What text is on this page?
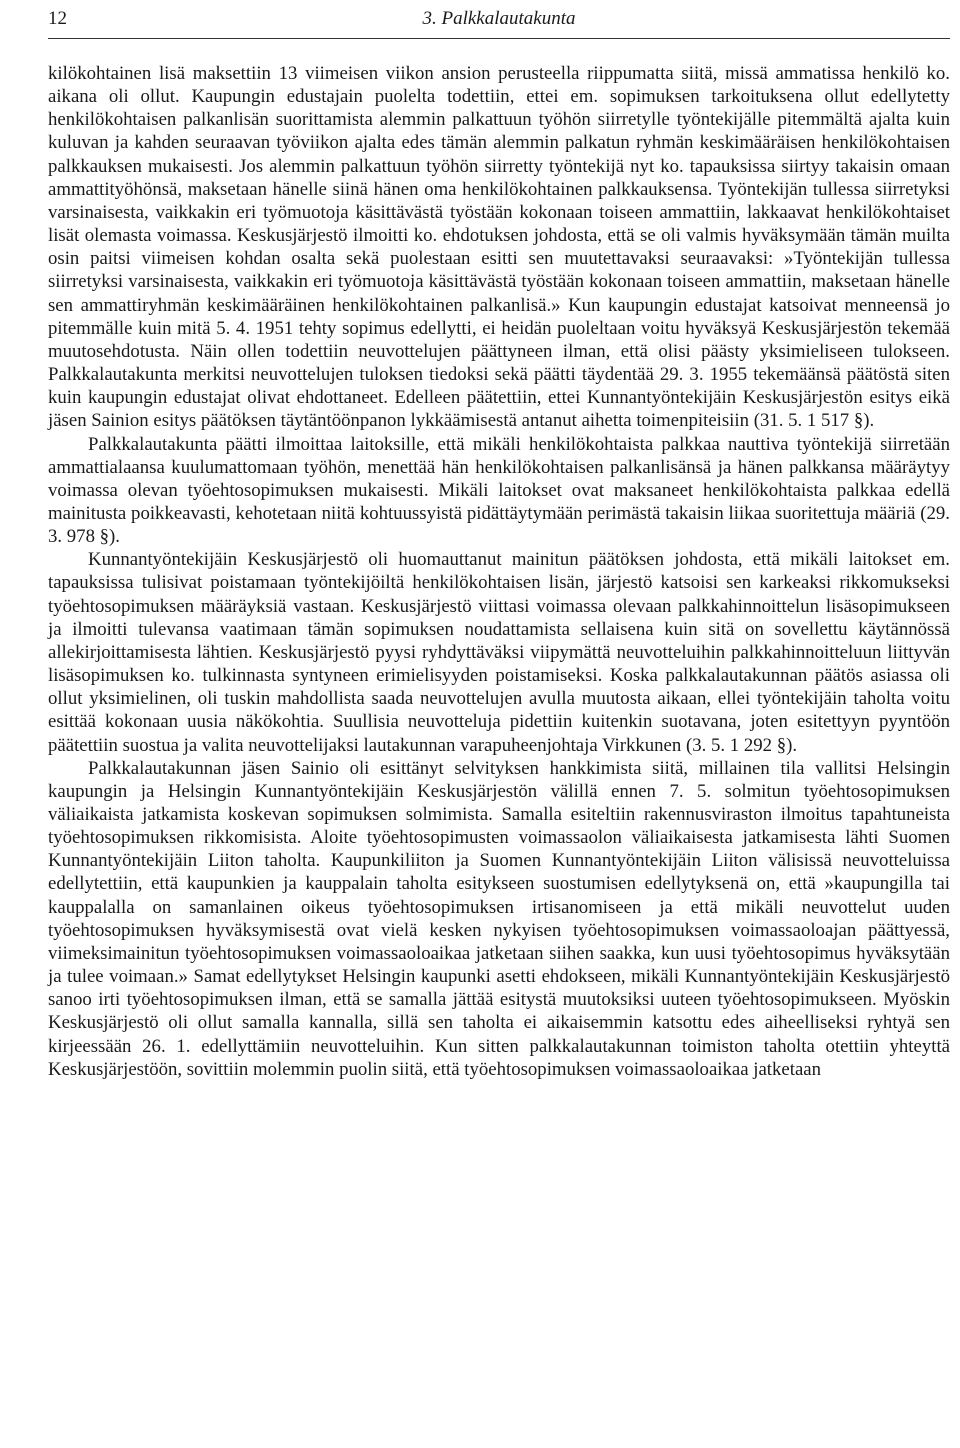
12	3. Palkkalautakunta

kilökohtainen lisä maksettiin 13 viimeisen viikon ansion perusteella riippumatta siitä, missä ammatissa henkilö ko. aikana oli ollut. Kaupungin edustajain puolelta todettiin, ettei em. sopimuksen tarkoituksena ollut edellytetty henkilökohtaisen palkanlisän suorittamista alemmin palkattuun työhön siirretylle työntekijälle pitemmältä ajalta kuin kuluvan ja kahden seuraavan työviikon ajalta edes tämän alemmin palkatun ryhmän keskimääräisen henkilökohtaisen palkkauksen mukaisesti. Jos alemmin palkattuun työhön siirretty työntekijä nyt ko. tapauksissa siirtyy takaisin omaan ammattityöhönsä, maksetaan hänelle siinä hänen oma henkilökohtainen palkkauksensa. Työntekijän tullessa siirretyksi varsinaisesta, vaikkakin eri työmuotoja käsittävästä työstään kokonaan toiseen ammattiin, lakkaavat henkilökohtaiset lisät olemasta voimassa. Keskusjärjestö ilmoitti ko. ehdotuksen johdosta, että se oli valmis hyväksymään tämän muilta osin paitsi viimeisen kohdan osalta sekä puolestaan esitti sen muutettavaksi seuraavaksi: »Työntekijän tullessa siirretyksi varsinaisesta, vaikkakin eri työmuotoja käsittävästä työstään kokonaan toiseen ammattiin, maksetaan hänelle sen ammattiryhmän keskimääräinen henkilökohtainen palkanlisä.» Kun kaupungin edustajat katsoivat menneensä jo pitemmälle kuin mitä 5. 4. 1951 tehty sopimus edellytti, ei heidän puoleltaan voitu hyväksyä Keskusjärjestön tekemää muutosehdotusta. Näin ollen todettiin neuvottelujen päättyneen ilman, että olisi päästy yksimieliseen tulokseen. Palkkalautakunta merkitsi neuvottelujen tuloksen tiedoksi sekä päätti täydentää 29. 3. 1955 tekemäänsä päätöstä siten kuin kaupungin edustajat olivat ehdottaneet. Edelleen päätettiin, ettei Kunnantyöntekijäin Keskusjärjestön esitys eikä jäsen Sainion esitys päätöksen täytäntöönpanon lykkäämisestä antanut aihetta toimenpiteisiin (31. 5. 1 517 §).

Palkkalautakunta päätti ilmoittaa laitoksille, että mikäli henkilökohtaista palkkaa nauttiva työntekijä siirretään ammattialaansa kuulumattomaan työhön, menettää hän henkilökohtaisen palkanlisänsä ja hänen palkkansa määräytyy voimassa olevan työehtosopimuksen mukaisesti. Mikäli laitokset ovat maksaneet henkilökohtaista palkkaa edellä mainitusta poikkeavasti, kehotetaan niitä kohtuussyistä pidättäytymään perimästä takaisin liikaa suoritettuja määriä (29. 3. 978 §).

Kunnantyöntekijäin Keskusjärjestö oli huomauttanut mainitun päätöksen johdosta, että mikäli laitokset em. tapauksissa tulisivat poistamaan työntekijöiltä henkilökohtaisen lisän, järjestö katsoisi sen karkeaksi rikkomukseksi työehtosopimuksen määräyksiä vastaan. Keskusjärjestö viittasi voimassa olevaan palkkahinnoittelun lisäsopimukseen ja ilmoitti tulevansa vaatimaan tämän sopimuksen noudattamista sellaisena kuin sitä on sovellettu käytännössä allekirjoittamisesta lähtien. Keskusjärjestö pyysi ryhdyttäväksi viipymättä neuvotteluihin palkkahinnoitteluun liittyvän lisäsopimuksen ko. tulkinnasta syntyneen erimielisyyden poistamiseksi. Koska palkkalautakunnan päätös asiassa oli ollut yksimielinen, oli tuskin mahdollista saada neuvottelujen avulla muutosta aikaan, ellei työntekijäin taholta voitu esittää kokonaan uusia näkökohtia. Suullisia neuvotteluja pidettiin kuitenkin suotavana, joten esitettyyn pyyntöön päätettiin suostua ja valita neuvottelijaksi lautakunnan varapuheenjohtaja Virkkunen (3. 5. 1 292 §).

Palkkalautakunnan jäsen Sainio oli esittänyt selvityksen hankkimista siitä, millainen tila vallitsi Helsingin kaupungin ja Helsingin Kunnantyöntekijäin Keskusjärjestön välillä ennen 7. 5. solmitun työehtosopimuksen väliaikaista jatkamista koskevan sopimuksen solmimista. Samalla esiteltiin rakennusviraston ilmoitus tapahtuneista työehtosopimuksen rikkomisista. Aloite työehtosopimusten voimassaolon väliaikaisesta jatkamisesta lähti Suomen Kunnantyöntekijäin Liiton taholta. Kaupunkiliiton ja Suomen Kunnantyöntekijäin Liiton välisissä neuvotteluissa edellytettiin, että kaupunkien ja kauppalain taholta esitykseen suostumisen edellytyksenä on, että »kaupungilla tai kauppalalla on samanlainen oikeus työehtosopimuksen irtisanomiseen ja että mikäli neuvottelut uuden työehtosopimuksen hyväksymisestä ovat vielä kesken nykyisen työehtosopimuksen voimassaoloajan päättyessä, viimeksimainitun työehtosopimuksen voimassaoloaikaa jatketaan siihen saakka, kun uusi työehtosopimus hyväksytään ja tulee voimaan.» Samat edellytykset Helsingin kaupunki asetti ehdokseen, mikäli Kunnantyöntekijäin Keskusjärjestö sanoo irti työehtosopimuksen ilman, että se samalla jättää esitystä muutoksiksi uuteen työehtosopimukseen. Myöskin Keskusjärjestö oli ollut samalla kannalla, sillä sen taholta ei aikaisemmin katsottu edes aiheelliseksi ryhtyä sen kirjeessään 26. 1. edellyttämiin neuvotteluihin. Kun sitten palkkalautakunnan toimiston taholta otettiin yhteyttä Keskusjärjestöön, sovittiin molemmin puolin siitä, että työehtosopimuksen voimassaoloaikaa jatketaan
